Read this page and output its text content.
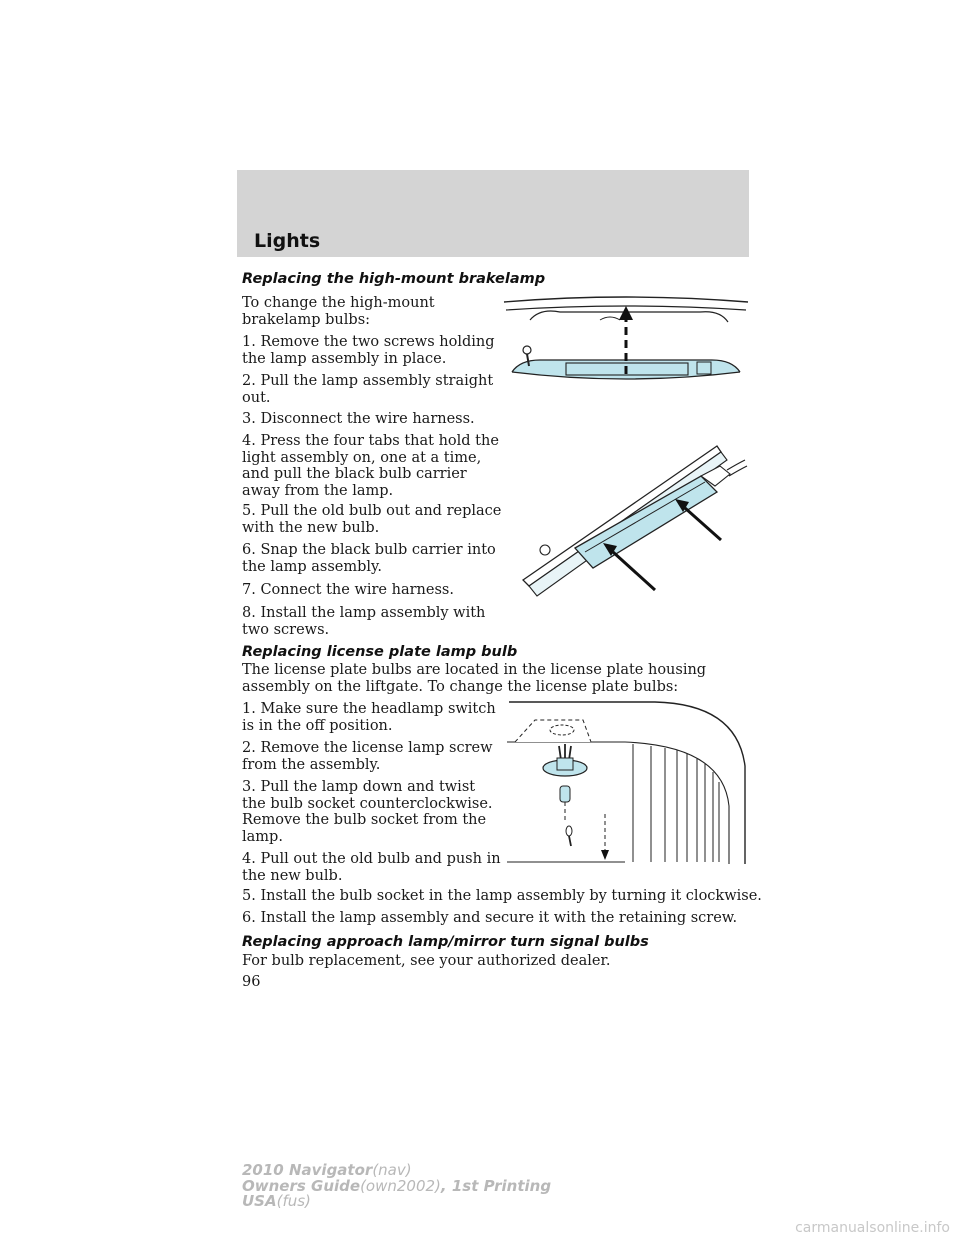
Lights
Replacing the high-mount brakelamp
To change the high-mount brakelamp bulbs:
1. Remove the two screws holding the lamp assembly in place.
2. Pull the lamp assembly straight out.
3. Disconnect the wire harness.
4. Press the four tabs that hold the light assembly on, one at a time, and pull the black bulb carrier away from the lamp.
5. Pull the old bulb out and replace with the new bulb.
6. Snap the black bulb carrier into the lamp assembly.
7. Connect the wire harness.
8. Install the lamp assembly with two screws.
Replacing license plate lamp bulb
The license plate bulbs are located in the license plate housing assembly on the liftgate. To change the license plate bulbs:
1. Make sure the headlamp switch is in the off position.
2. Remove the license lamp screw from the assembly.
3. Pull the lamp down and twist the bulb socket counterclockwise. Remove the bulb socket from the lamp.
4. Pull out the old bulb and push in the new bulb.
5. Install the bulb socket in the lamp assembly by turning it clockwise.
6. Install the lamp assembly and secure it with the retaining screw.
Replacing approach lamp/mirror turn signal bulbs
For bulb replacement, see your authorized dealer.
96
2010 Navigator(nav)
Owners Guide(own2002), 1st Printing
USA(fus)
carmanualsonline.info
